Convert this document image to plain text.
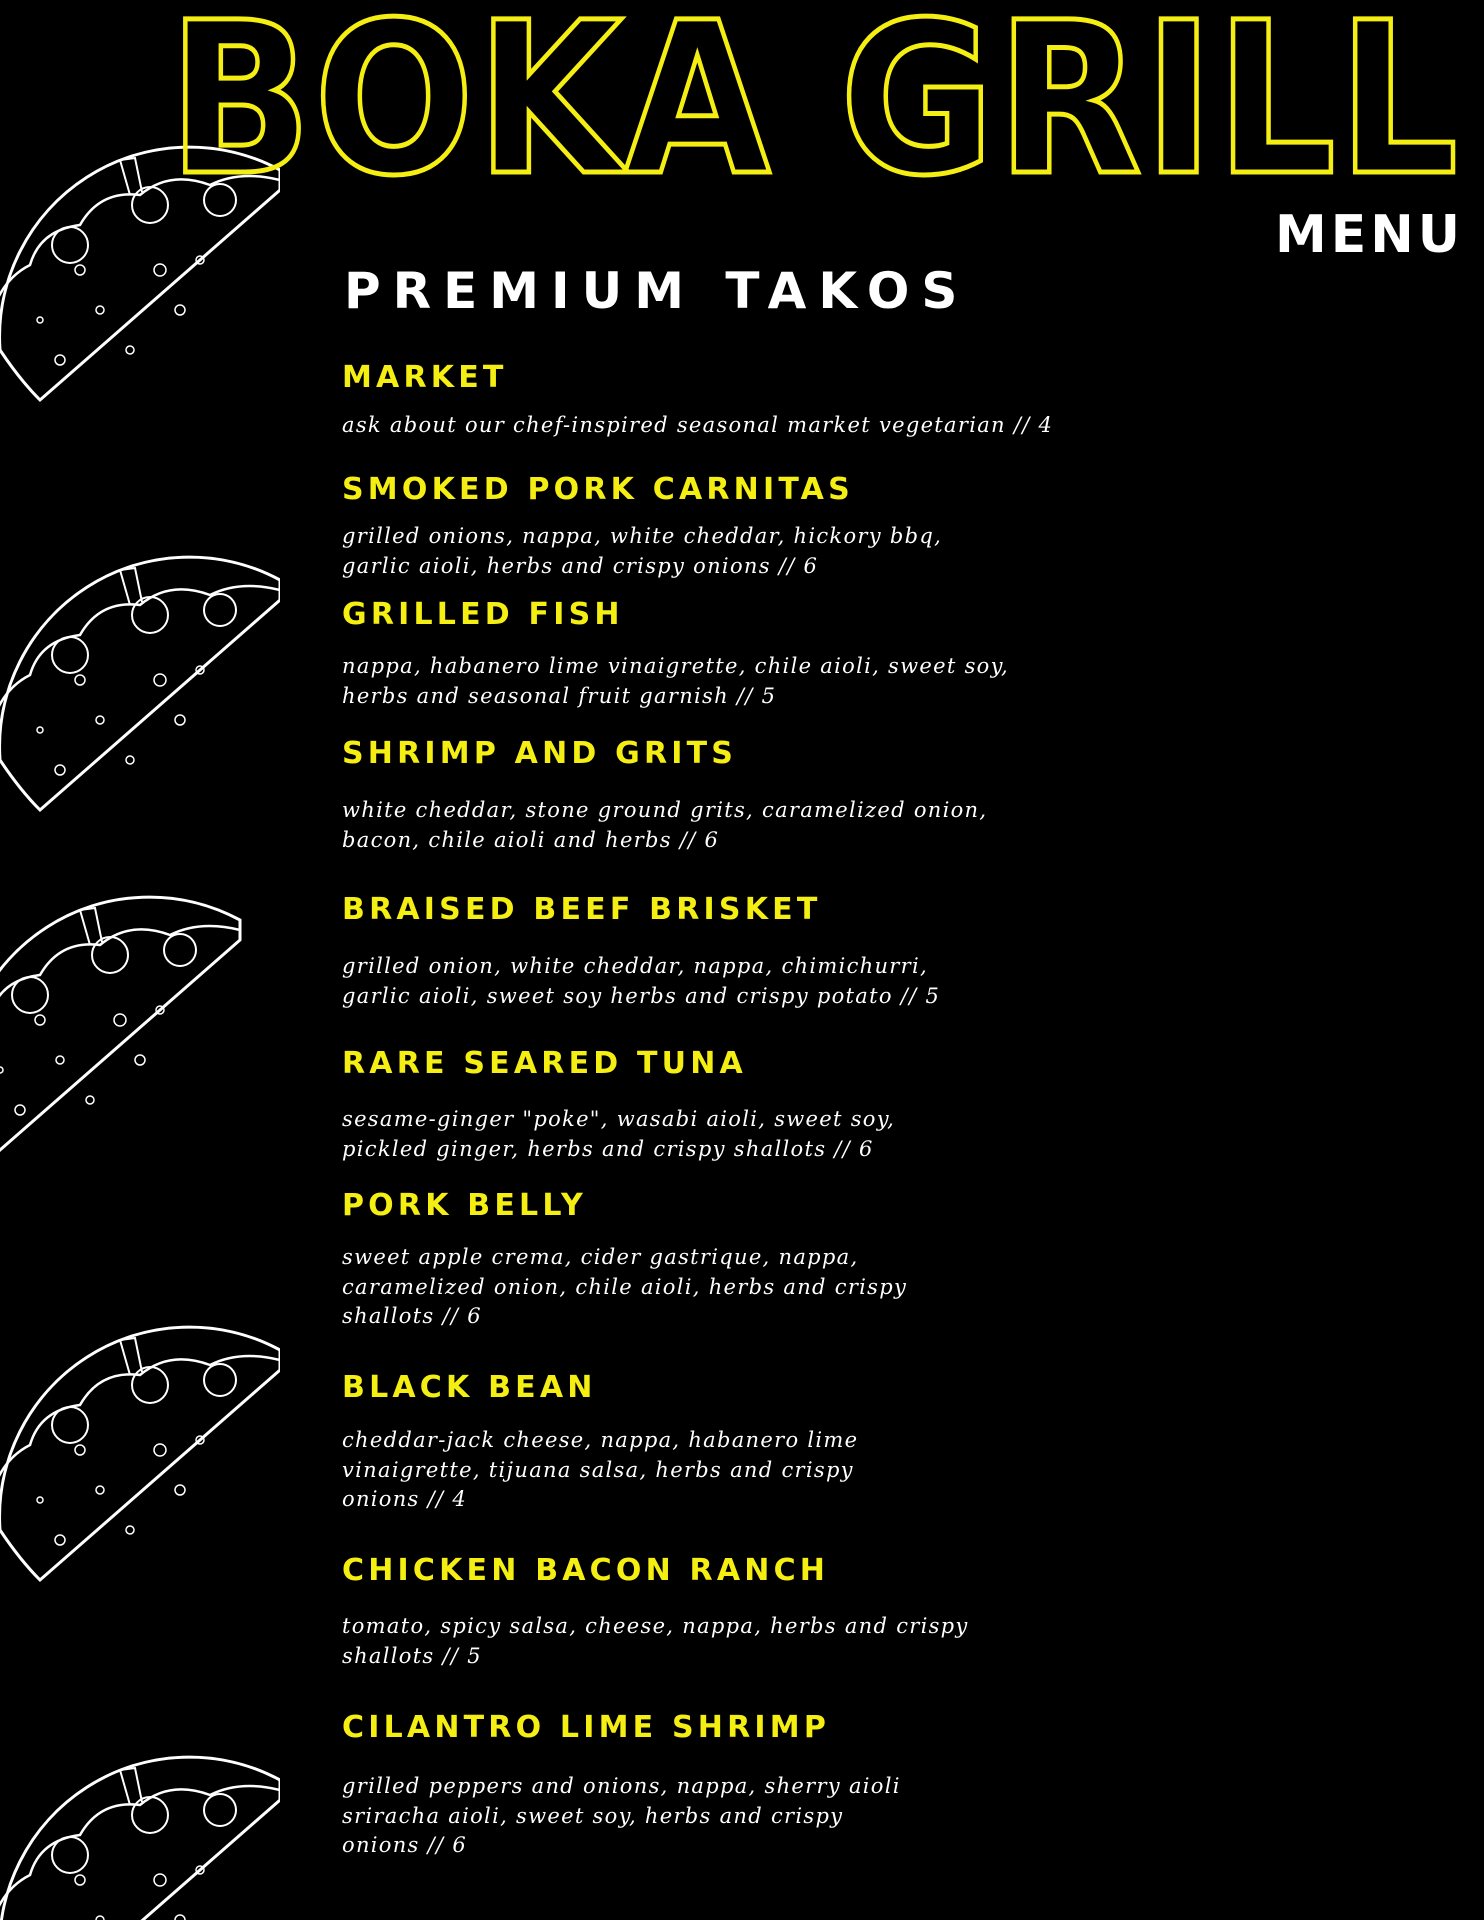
BOKA GRILL
MENU
PREMIUM TAKOS
MARKET
ask about our chef-inspired seasonal market vegetarian // 4
SMOKED PORK CARNITAS
grilled onions, nappa, white cheddar, hickory bbq,
garlic aioli, herbs and crispy onions // 6
GRILLED FISH
nappa, habanero lime vinaigrette, chile aioli, sweet soy,
herbs and seasonal fruit garnish // 5
SHRIMP AND GRITS
white cheddar, stone ground grits, caramelized onion,
bacon, chile aioli and herbs // 6
BRAISED BEEF BRISKET
grilled onion, white cheddar, nappa, chimichurri,
garlic aioli, sweet soy herbs and crispy potato // 5
RARE SEARED TUNA
sesame-ginger "poke", wasabi aioli, sweet soy,
pickled ginger, herbs and crispy shallots // 6
PORK BELLY
sweet apple crema, cider gastrique, nappa,
caramelized onion, chile aioli, herbs and crispy
shallots // 6
BLACK BEAN
cheddar-jack cheese, nappa, habanero lime
vinaigrette, tijuana salsa, herbs and crispy
onions // 4
CHICKEN BACON RANCH
tomato, spicy salsa, cheese, nappa, herbs and crispy
shallots // 5
CILANTRO LIME SHRIMP
grilled peppers and onions, nappa, sherry aioli
sriracha aioli, sweet soy, herbs and crispy
onions // 6
